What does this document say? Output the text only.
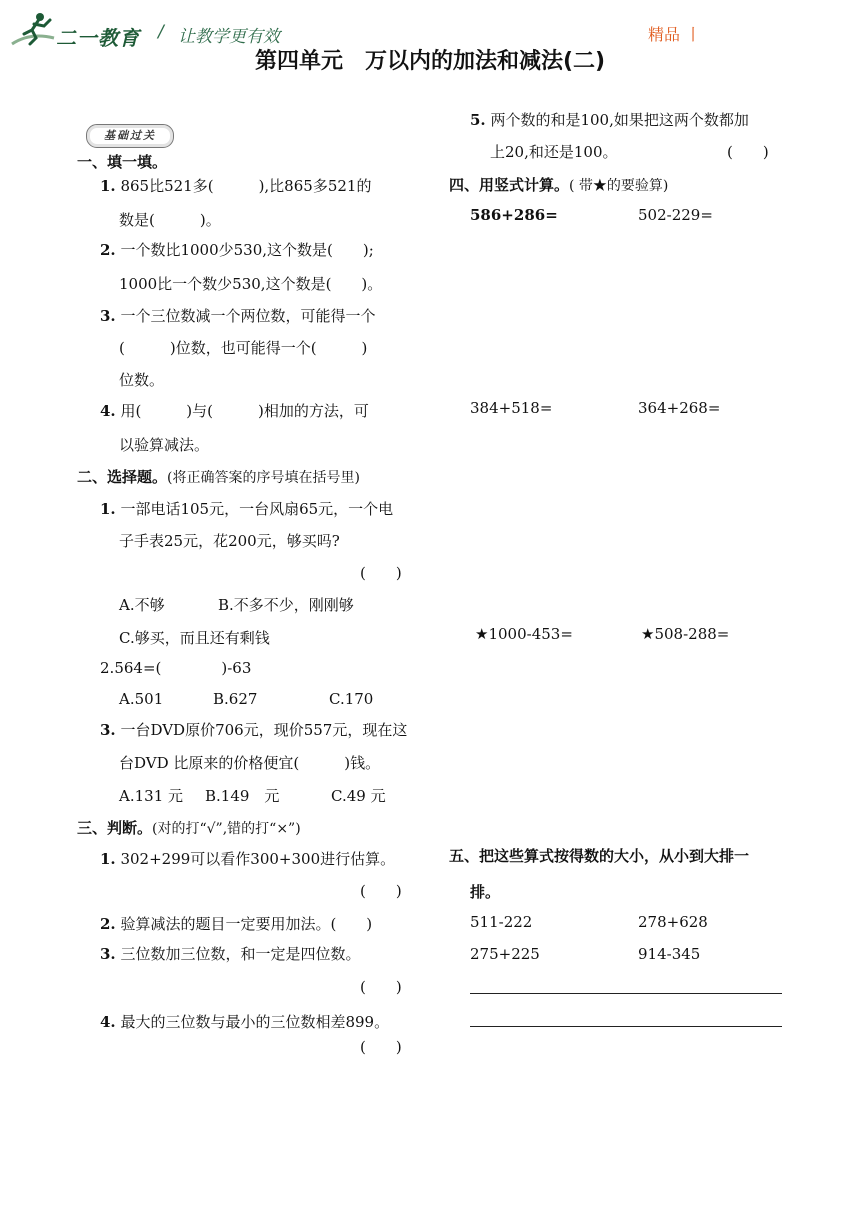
二一教育 / 让教学更有效	精品 丨
第四单元　万以内的加法和减法(二)
基础过关
一、填一填。
1. 865比521多(　　　),比865多521的
数是(　　　)。
2. 一个数比1000少530,这个数是(　　);
1000比一个数少530,这个数是(　　)。
3. 一个三位数减一个两位数，可能得一个
(　　　)位数，也可能得一个(　　　)
位数。
4. 用(　　　)与(　　　)相加的方法，可
以验算减法。
二、选择题。(将正确答案的序号填在括号里)
1. 一部电话105元，一台风扇65元，一个电
子手表25元，花200元，够买吗?
(　　)
A.不够	B.不多不少，刚刚够
C.够买，而且还有剩钱
2.564=(　　　　)-63
A.501	B.627	C.170
3. 一台DVD原价706元，现价557元，现在这
台DVD 比原来的价格便宜(　　　)钱。
A.131 元 B.149　元	C.49 元
三、判断。(对的打“√”,错的打“×”)
1. 302+299可以看作300+300进行估算。
(　　)
2. 验算减法的题目一定要用加法。(　　)
3. 三位数加三位数，和一定是四位数。
(　　)
4. 最大的三位数与最小的三位数相差899。
(　　)
5. 两个数的和是100,如果把这两个数都加
上20,和还是100。	(　　)
四、用竖式计算。( 带★的要验算)
586+286=	502-229=
384+518=	364+268=
★1000-453=	★508-288=
五、把这些算式按得数的大小，从小到大排一
排。
511-222	278+628
275+225	914-345
